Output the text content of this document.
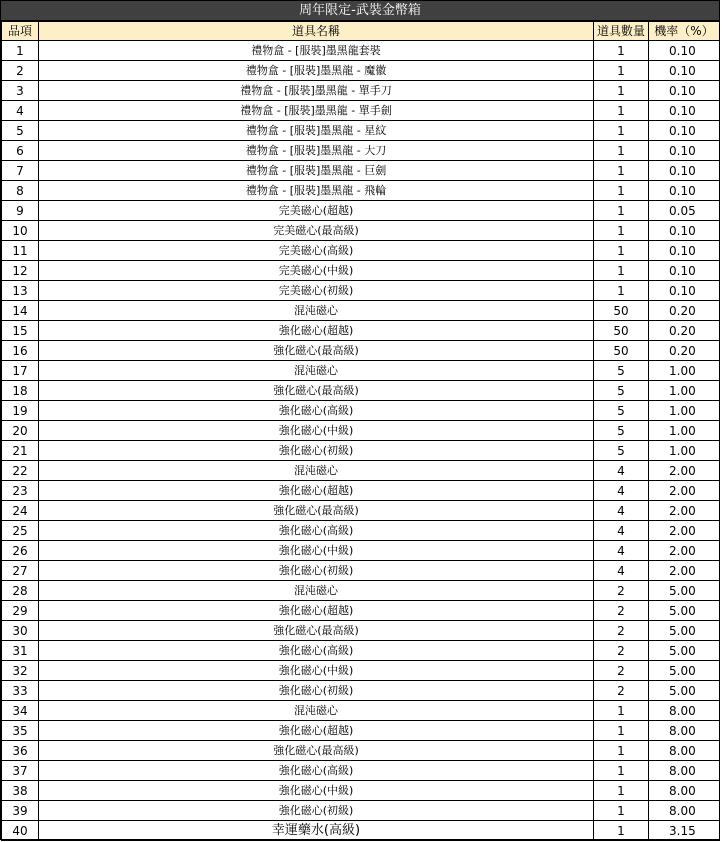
周年限定-武裝金幣箱
品項	道具名稱	道具數量	機率（%）
1	禮物盒 - [服裝]墨黑龍套裝	1	0.10
2	禮物盒 - [服裝]墨黑龍 - 魔徽	1	0.10
3	禮物盒 - [服裝]墨黑龍 - 單手刀	1	0.10
4	禮物盒 - [服裝]墨黑龍 - 單手劍	1	0.10
5	禮物盒 - [服裝]墨黑龍 - 星紋	1	0.10
6	禮物盒 - [服裝]墨黑龍 - 大刀	1	0.10
7	禮物盒 - [服裝]墨黑龍 - 巨劍	1	0.10
8	禮物盒 - [服裝]墨黑龍 - 飛輪	1	0.10
9	完美磁心(超越)	1	0.05
10	完美磁心(最高級)	1	0.10
11	完美磁心(高級)	1	0.10
12	完美磁心(中級)	1	0.10
13	完美磁心(初級)	1	0.10
14	混沌磁心	50	0.20
15	強化磁心(超越)	50	0.20
16	強化磁心(最高級)	50	0.20
17	混沌磁心	5	1.00
18	強化磁心(最高級)	5	1.00
19	強化磁心(高級)	5	1.00
20	強化磁心(中級)	5	1.00
21	強化磁心(初級)	5	1.00
22	混沌磁心	4	2.00
23	強化磁心(超越)	4	2.00
24	強化磁心(最高級)	4	2.00
25	強化磁心(高級)	4	2.00
26	強化磁心(中級)	4	2.00
27	強化磁心(初級)	4	2.00
28	混沌磁心	2	5.00
29	強化磁心(超越)	2	5.00
30	強化磁心(最高級)	2	5.00
31	強化磁心(高級)	2	5.00
32	強化磁心(中級)	2	5.00
33	強化磁心(初級)	2	5.00
34	混沌磁心	1	8.00
35	強化磁心(超越)	1	8.00
36	強化磁心(最高級)	1	8.00
37	強化磁心(高級)	1	8.00
38	強化磁心(中級)	1	8.00
39	強化磁心(初級)	1	8.00
40	幸運藥水(高級)	1	3.15
